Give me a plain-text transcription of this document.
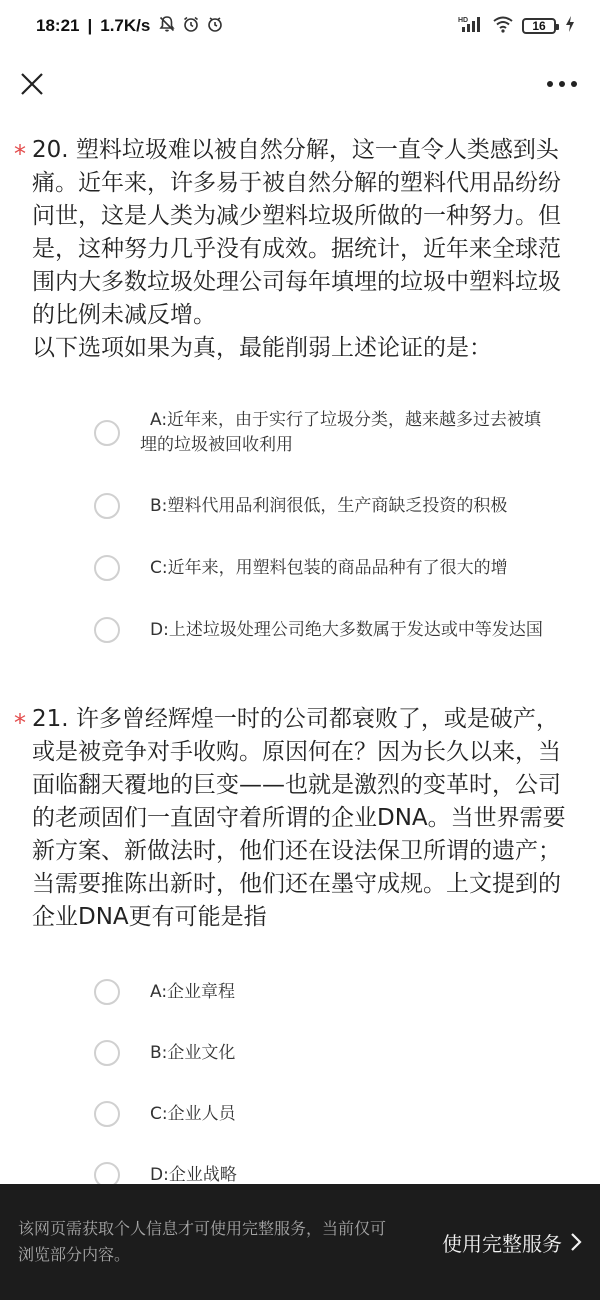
18:21 | 1.7K/s	HD	16
* 20. 塑料垃圾难以被自然分解，这一直令人类感到头痛。近年来，许多易于被自然分解的塑料代用品纷纷问世，这是人类为减少塑料垃圾所做的一种努力。但是，这种努力几乎没有成效。据统计，近年来全球范围内大多数垃圾处理公司每年填埋的垃圾中塑料垃圾的比例未减反增。

以下选项如果为真，最能削弱上述论证的是：

A:近年来，由于实行了垃圾分类，越来越多过去被填埋的垃圾被回收利用
B:塑料代用品利润很低，生产商缺乏投资的积极
C:近年来，用塑料包装的商品品种有了很大的增
D:上述垃圾处理公司绝大多数属于发达或中等发达国
* 21. 许多曾经辉煌一时的公司都衰败了，或是破产，或是被竞争对手收购。原因何在？因为长久以来，当面临翻天覆地的巨变——也就是激烈的变革时，公司的老顽固们一直固守着所谓的企业DNA。当世界需要新方案、新做法时，他们还在设法保卫所谓的遗产；当需要推陈出新时，他们还在墨守成规。上文提到的企业DNA更有可能是指

A:企业章程
B:企业文化
C:企业人员
D:企业战略
该网页需获取个人信息才可使用完整服务，当前仅可浏览部分内容。	使用完整服务
